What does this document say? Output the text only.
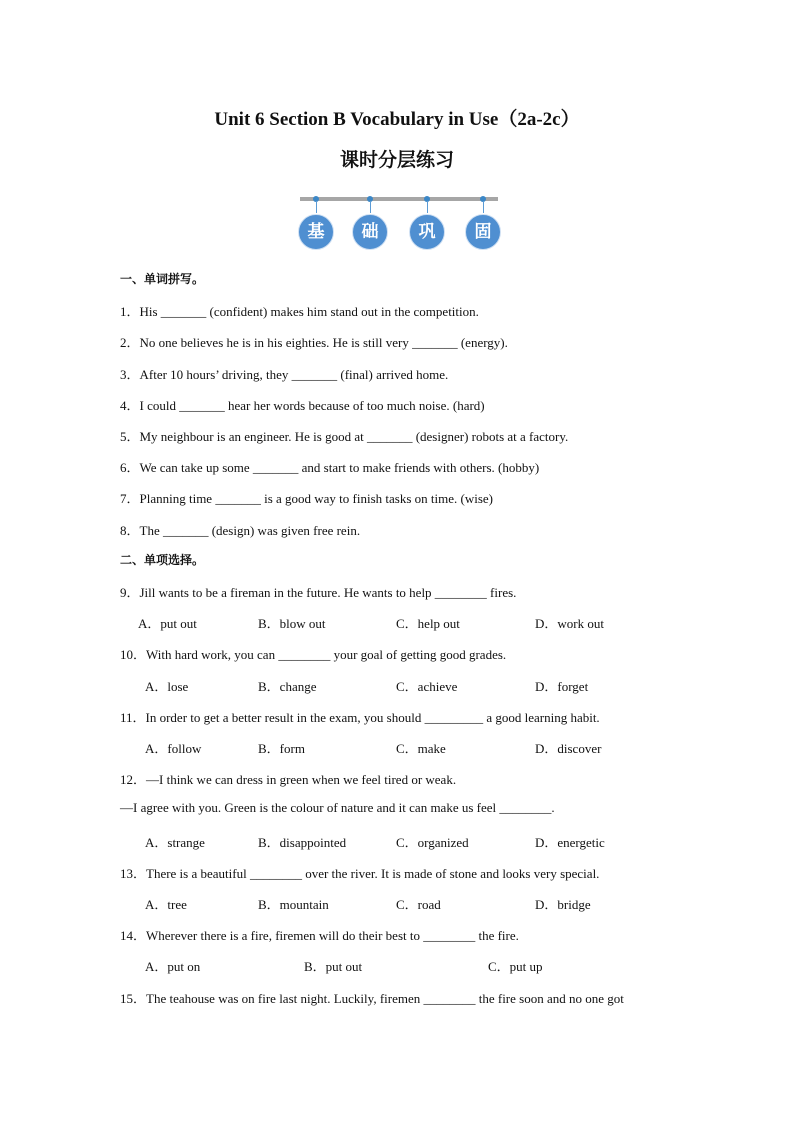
Unit 6 Section B Vocabulary in Use（2a-2c）
课时分层练习
基	础	巩	固
一、单词拼写。
1．His _______ (confident) makes him stand out in the competition.
2．No one believes he is in his eighties. He is still very _______ (energy).
3．After 10 hours’ driving, they _______ (final) arrived home.
4．I could _______ hear her words because of too much noise. (hard)
5．My neighbour is an engineer. He is good at _______ (designer) robots at a factory.
6．We can take up some _______ and start to make friends with others. (hobby)
7．Planning time _______ is a good way to finish tasks on time. (wise)
8．The _______ (design) was given free rein.
二、单项选择。
9．Jill wants to be a fireman in the future. He wants to help ________ fires.
A．put out	B．blow out	C．help out	D．work out
10．With hard work, you can ________ your goal of getting good grades.
A．lose	B．change	C．achieve	D．forget
11．In order to get a better result in the exam, you should _________ a good learning habit.
A．follow	B．form	C．make	D．discover
12．—I think we can dress in green when we feel tired or weak.
—I agree with you. Green is the colour of nature and it can make us feel ________.
A．strange	B．disappointed	C．organized	D．energetic
13．There is a beautiful ________ over the river. It is made of stone and looks very special.
A．tree	B．mountain	C．road	D．bridge
14．Wherever there is a fire, firemen will do their best to ________ the fire.
A．put on	B．put out	C．put up
15．The teahouse was on fire last night. Luckily, firemen ________ the fire soon and no one got
